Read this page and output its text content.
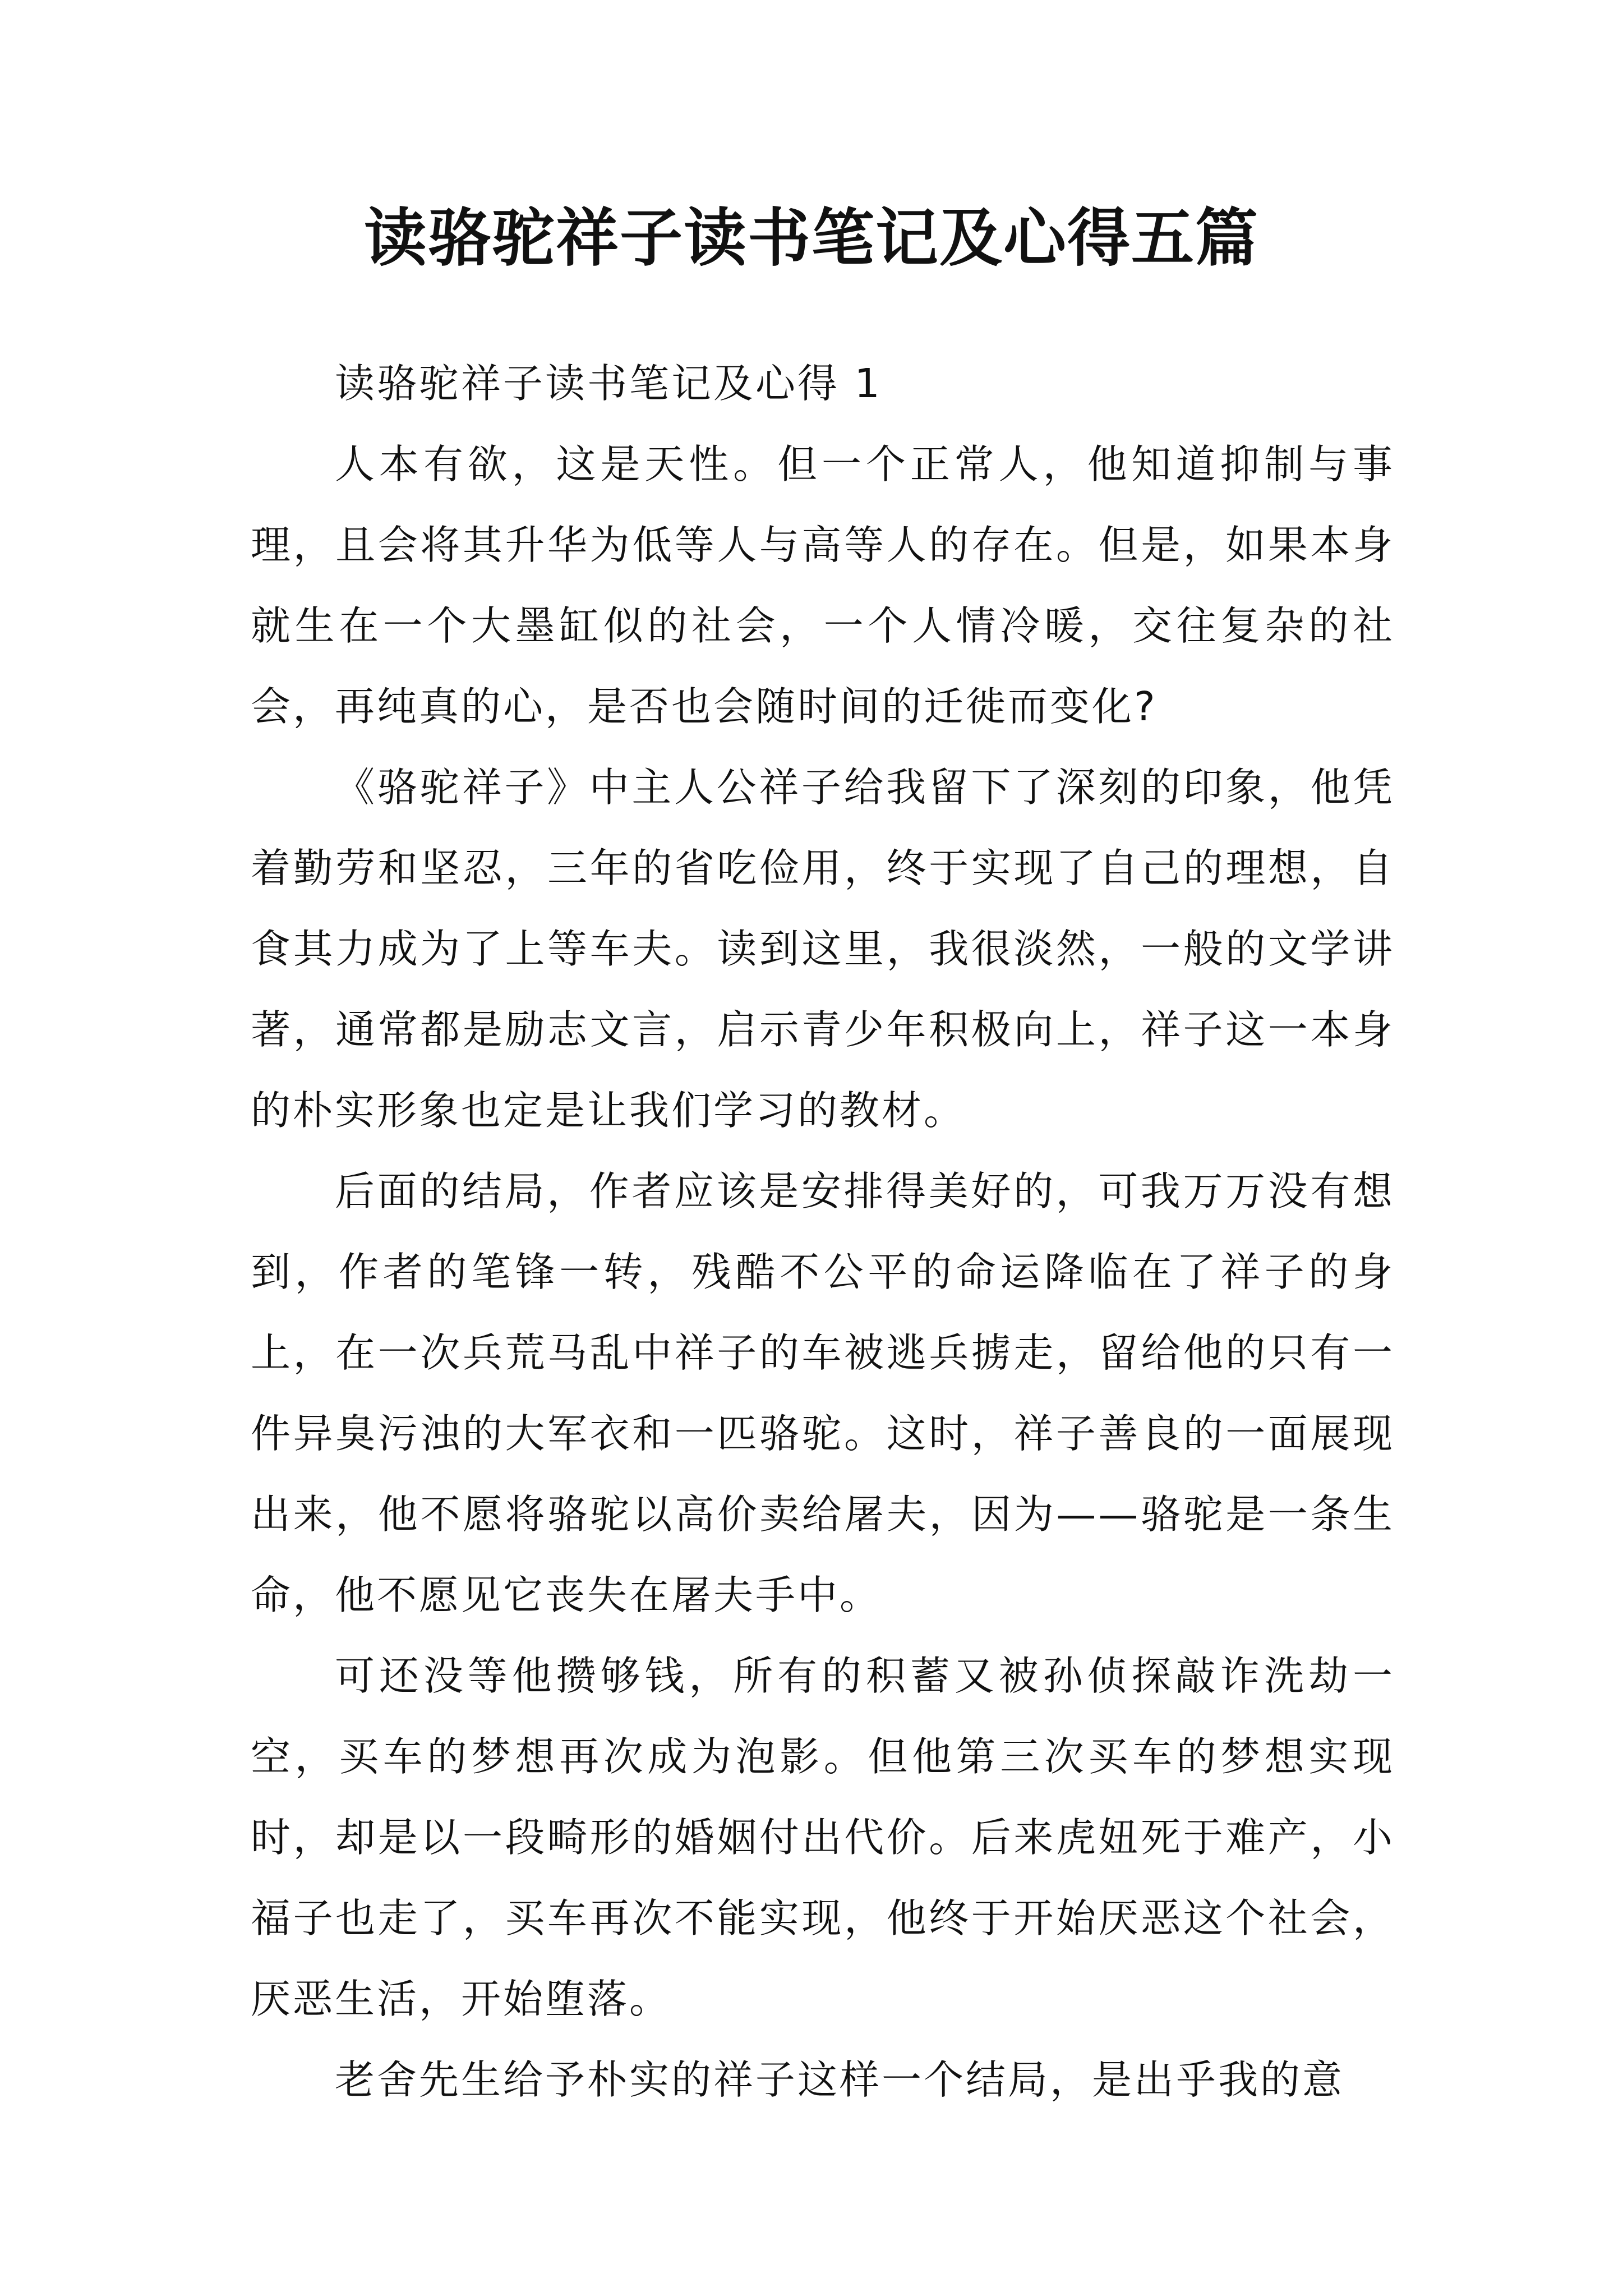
读骆驼祥子读书笔记及心得五篇

读骆驼祥子读书笔记及心得 1

人本有欲，这是天性。但一个正常人，他知道抑制与事理，且会将其升华为低等人与高等人的存在。但是，如果本身就生在一个大墨缸似的社会，一个人情冷暖，交往复杂的社会，再纯真的心，是否也会随时间的迁徙而变化?

《骆驼祥子》中主人公祥子给我留下了深刻的印象，他凭着勤劳和坚忍，三年的省吃俭用，终于实现了自己的理想，自食其力成为了上等车夫。读到这里，我很淡然，一般的文学讲著，通常都是励志文言，启示青少年积极向上，祥子这一本身的朴实形象也定是让我们学习的教材。

后面的结局，作者应该是安排得美好的，可我万万没有想到，作者的笔锋一转，残酷不公平的命运降临在了祥子的身上，在一次兵荒马乱中祥子的车被逃兵掳走，留给他的只有一件异臭污浊的大军衣和一匹骆驼。这时，祥子善良的一面展现出来，他不愿将骆驼以高价卖给屠夫，因为——骆驼是一条生命，他不愿见它丧失在屠夫手中。

可还没等他攒够钱，所有的积蓄又被孙侦探敲诈洗劫一空，买车的梦想再次成为泡影。但他第三次买车的梦想实现时，却是以一段畸形的婚姻付出代价。后来虎妞死于难产，小福子也走了，买车再次不能实现，他终于开始厌恶这个社会，厌恶生活，开始堕落。

老舍先生给予朴实的祥子这样一个结局，是出乎我的意
